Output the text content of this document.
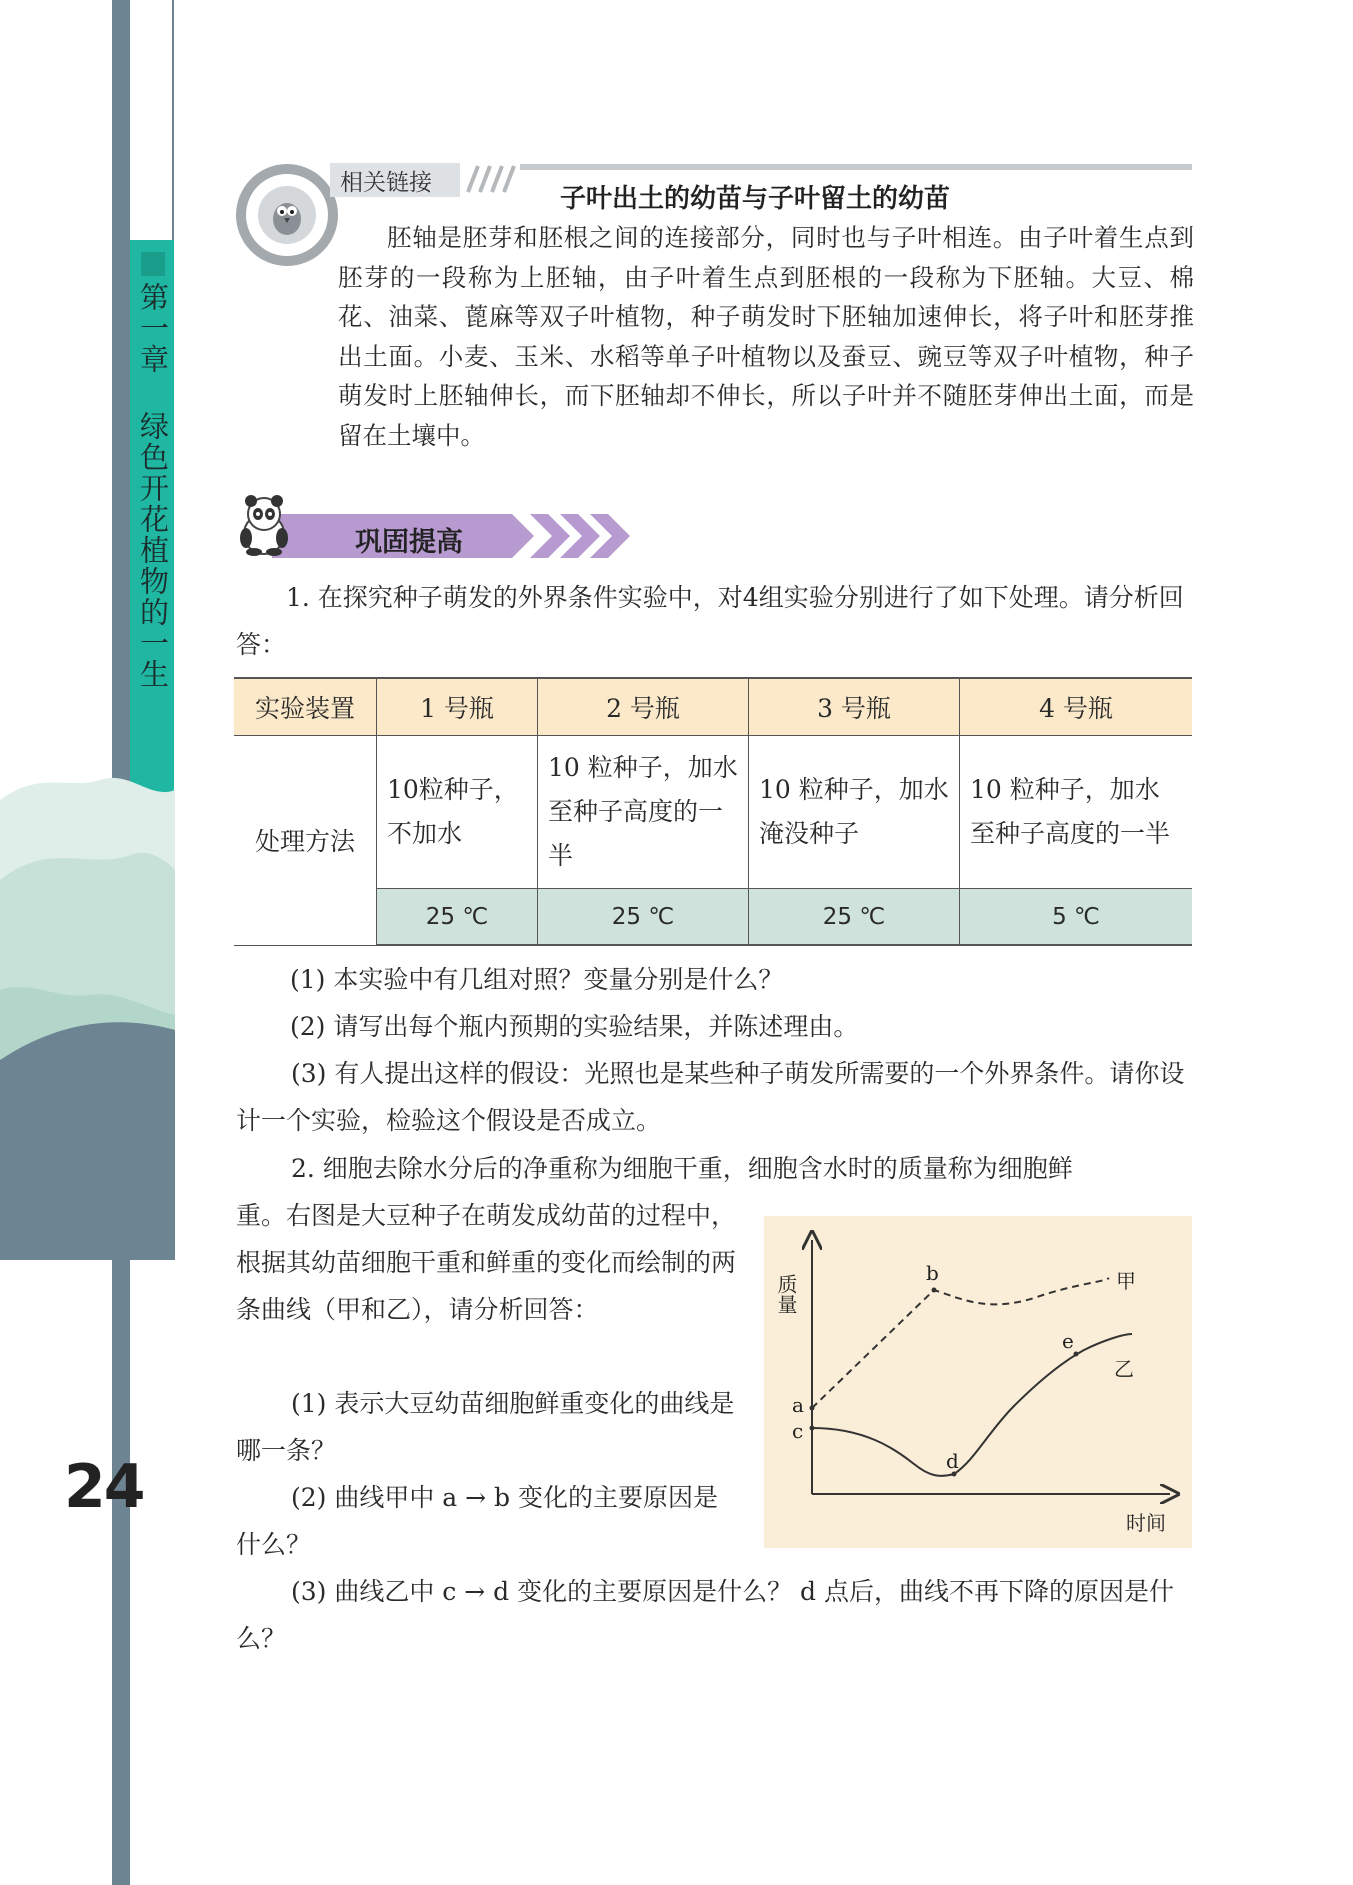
第一章 绿色开花植物的一生
24
相关链接
子叶出土的幼苗与子叶留土的幼苗
胚轴是胚芽和胚根之间的连接部分，同时也与子叶相连。由子叶着生点到胚芽的一段称为上胚轴，由子叶着生点到胚根的一段称为下胚轴。大豆、棉花、油菜、蓖麻等双子叶植物，种子萌发时下胚轴加速伸长，将子叶和胚芽推出土面。小麦、玉米、水稻等单子叶植物以及蚕豆、豌豆等双子叶植物，种子萌发时上胚轴伸长，而下胚轴却不伸长，所以子叶并不随胚芽伸出土面，而是留在土壤中。
巩固提高
1. 在探究种子萌发的外界条件实验中，对4组实验分别进行了如下处理。请分析回答：
实验装置	1 号瓶	2 号瓶	3 号瓶	4 号瓶
处理方法	10粒种子，不加水	10 粒种子，加水至种子高度的一半	10 粒种子，加水淹没种子	10 粒种子，加水至种子高度的一半
	25 ℃	25 ℃	25 ℃	5 ℃
(1) 本实验中有几组对照？变量分别是什么？
(2) 请写出每个瓶内预期的实验结果，并陈述理由。
(3) 有人提出这样的假设：光照也是某些种子萌发所需要的一个外界条件。请你设计一个实验，检验这个假设是否成立。
2. 细胞去除水分后的净重称为细胞干重，细胞含水时的质量称为细胞鲜
重。右图是大豆种子在萌发成幼苗的过程中，根据其幼苗细胞干重和鲜重的变化而绘制的两条曲线（甲和乙），请分析回答：
(1) 表示大豆幼苗细胞鲜重变化的曲线是哪一条？
(2) 曲线甲中 a → b 变化的主要原因是什么？
(3) 曲线乙中 c → d 变化的主要原因是什么？ d 点后，曲线不再下降的原因是什么？
质量
时间
a
b
c
d
e
甲
乙
